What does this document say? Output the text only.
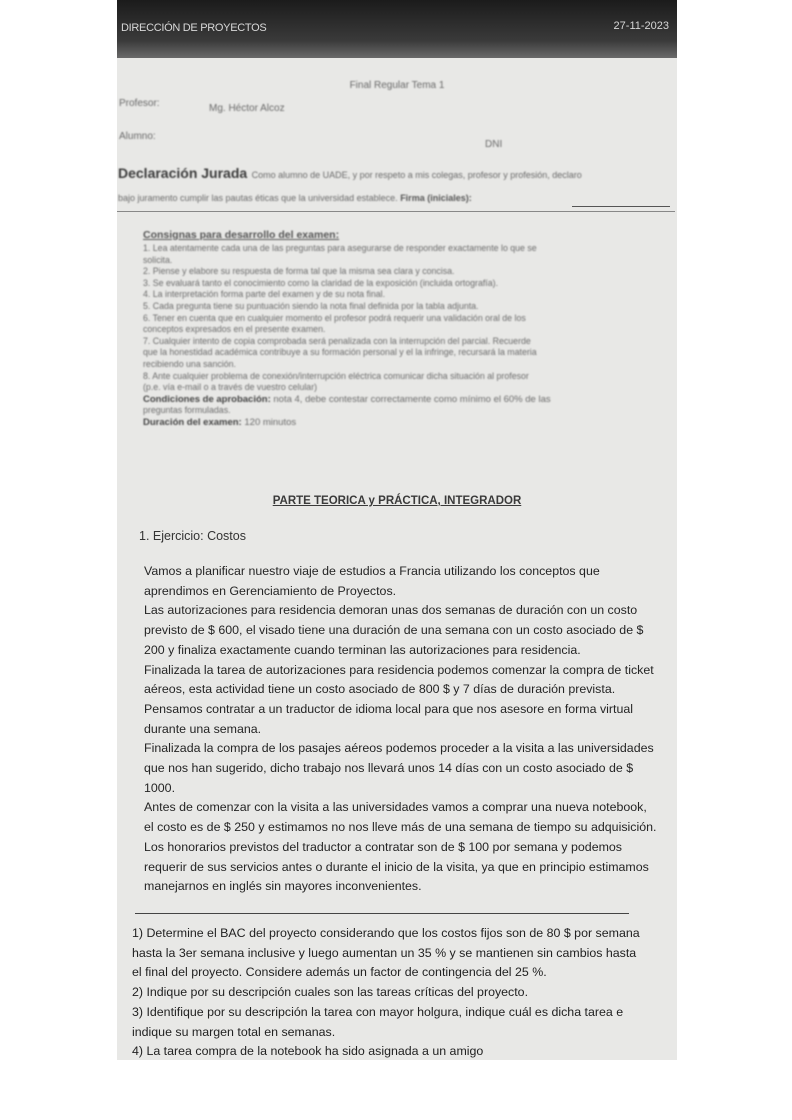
DIRECCIÓN DE PROYECTOS	27-11-2023
Final Regular Tema 1
Profesor:	Mg. Héctor Alcoz
Alumno:
DNI
Declaración Jurada Como alumno de UADE, y por respeto a mis colegas, profesor y profesión, declaro
bajo juramento cumplir las pautas éticas que la universidad establece. Firma (iniciales):
Consignas para desarrollo del examen:
1. Lea atentamente cada una de las preguntas para asegurarse de responder exactamente lo que se
solicita.
2. Piense y elabore su respuesta de forma tal que la misma sea clara y concisa.
3. Se evaluará tanto el conocimiento como la claridad de la exposición (incluida ortografía).
4. La interpretación forma parte del examen y de su nota final.
5. Cada pregunta tiene su puntuación siendo la nota final definida por la tabla adjunta.
6. Tener en cuenta que en cualquier momento el profesor podrá requerir una validación oral de los
conceptos expresados en el presente examen.
7. Cualquier intento de copia comprobada será penalizada con la interrupción del parcial. Recuerde
que la honestidad académica contribuye a su formación personal y el la infringe, recursará la materia
recibiendo una sanción.
8. Ante cualquier problema de conexión/interrupción eléctrica comunicar dicha situación al profesor
(p.e. vía e-mail o a través de vuestro celular)
Condiciones de aprobación: nota 4, debe contestar correctamente como mínimo el 60% de las
preguntas formuladas.
Duración del examen: 120 minutos
PARTE TEORICA y PRÁCTICA, INTEGRADOR
1. Ejercicio: Costos
Vamos a planificar nuestro viaje de estudios a Francia utilizando los conceptos que
aprendimos en Gerenciamiento de Proyectos.
Las autorizaciones para residencia demoran unas dos semanas de duración con un costo
previsto de $ 600, el visado tiene una duración de una semana con un costo asociado de $
200 y finaliza exactamente cuando terminan las autorizaciones para residencia.
Finalizada la tarea de autorizaciones para residencia podemos comenzar la compra de ticket
aéreos, esta actividad tiene un costo asociado de 800 $ y 7 días de duración prevista.
Pensamos contratar a un traductor de idioma local para que nos asesore en forma virtual
durante una semana.
Finalizada la compra de los pasajes aéreos podemos proceder a la visita a las universidades
que nos han sugerido, dicho trabajo nos llevará unos 14 días con un costo asociado de $
1000.
Antes de comenzar con la visita a las universidades vamos a comprar una nueva notebook,
el costo es de $ 250 y estimamos no nos lleve más de una semana de tiempo su adquisición.
Los honorarios previstos del traductor a contratar son de $ 100 por semana y podemos
requerir de sus servicios antes o durante el inicio de la visita, ya que en principio estimamos
manejarnos en inglés sin mayores inconvenientes.
1) Determine el BAC del proyecto considerando que los costos fijos son de 80 $ por semana
hasta la 3er semana inclusive y luego aumentan un 35 % y se mantienen sin cambios hasta
el final del proyecto. Considere además un factor de contingencia del 25 %.
2) Indique por su descripción cuales son las tareas críticas del proyecto.
3) Identifique por su descripción la tarea con mayor holgura, indique cuál es dicha tarea e
indique su margen total en semanas.
4) La tarea compra de la notebook ha sido asignada a un amigo
